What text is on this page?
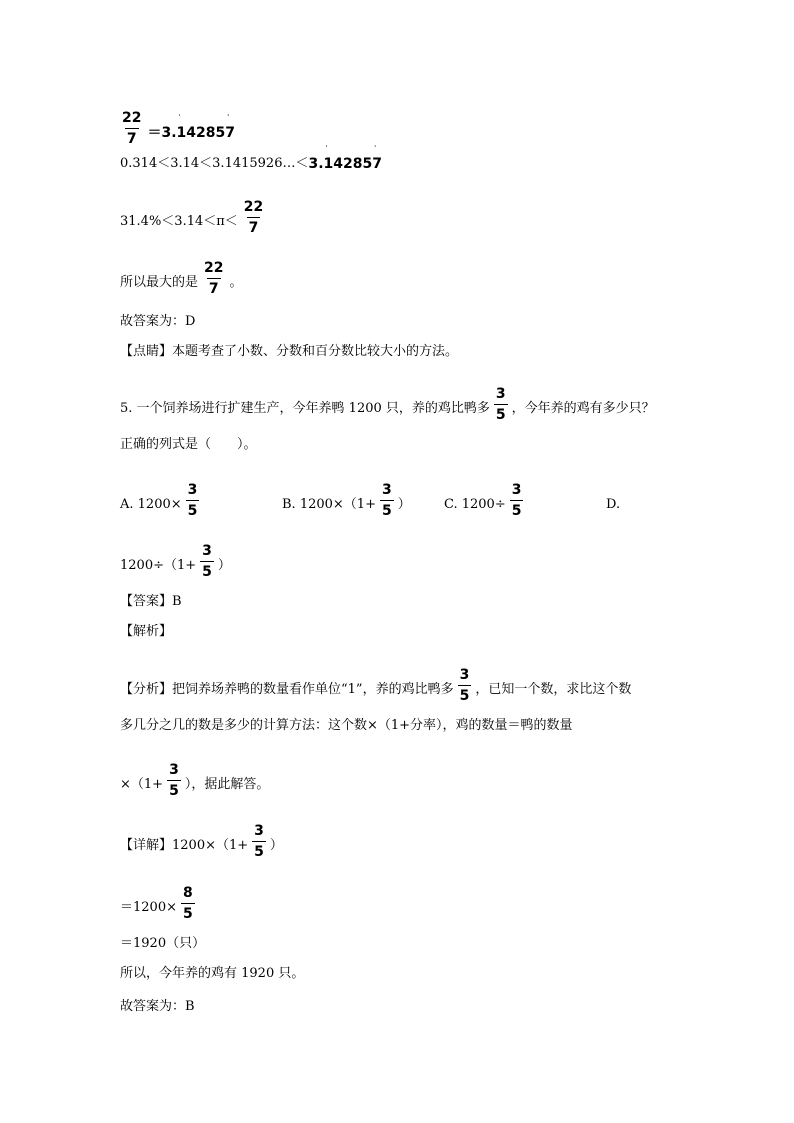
$\frac{22}{7} =3$.
˙
1 4285
˙
7
0.314＜3.14＜3.1415926…＜ 3.
˙
1 4285
˙
7
$31.4\%<3.14<\pi< \frac{22}{7}$
所以最大的是 $\frac{22}{7}$ 。

故答案为：D

【点睛】本题考查了小数、分数和百分数比较大小的方法。

5. 一个饲养场进行扩建生产，今年养鸭 1200 只，养的鸡比鸭多 $\frac{3}{5}$ ，今年养的鸡有多少只？

正确的列式是（　　）。

A. $1200\times \frac{3}{5}$	B. $1200\times(1+ \frac{3}{5}$ ）	C. $1200\div \frac{3}{5}$	D.
$1200\div(1+ \frac{3}{5}$ ）

【答案】B

【解析】

【分析】把饲养场养鸭的数量看作单位“1”，养的鸡比鸭多 $\frac{3}{5}$ ，已知一个数，求比这个数

多几分之几的数是多少的计算方法：这个数×（1+分率），鸡的数量＝鸭的数量

$\times(1+ \frac{3}{5}$ ），据此解答。
【详解】$1200\times(1+ \frac{3}{5}$ ）
$=1200\times \frac{8}{5}$

＝1920（只）

所以，今年养的鸡有 1920 只。

故答案为：B
